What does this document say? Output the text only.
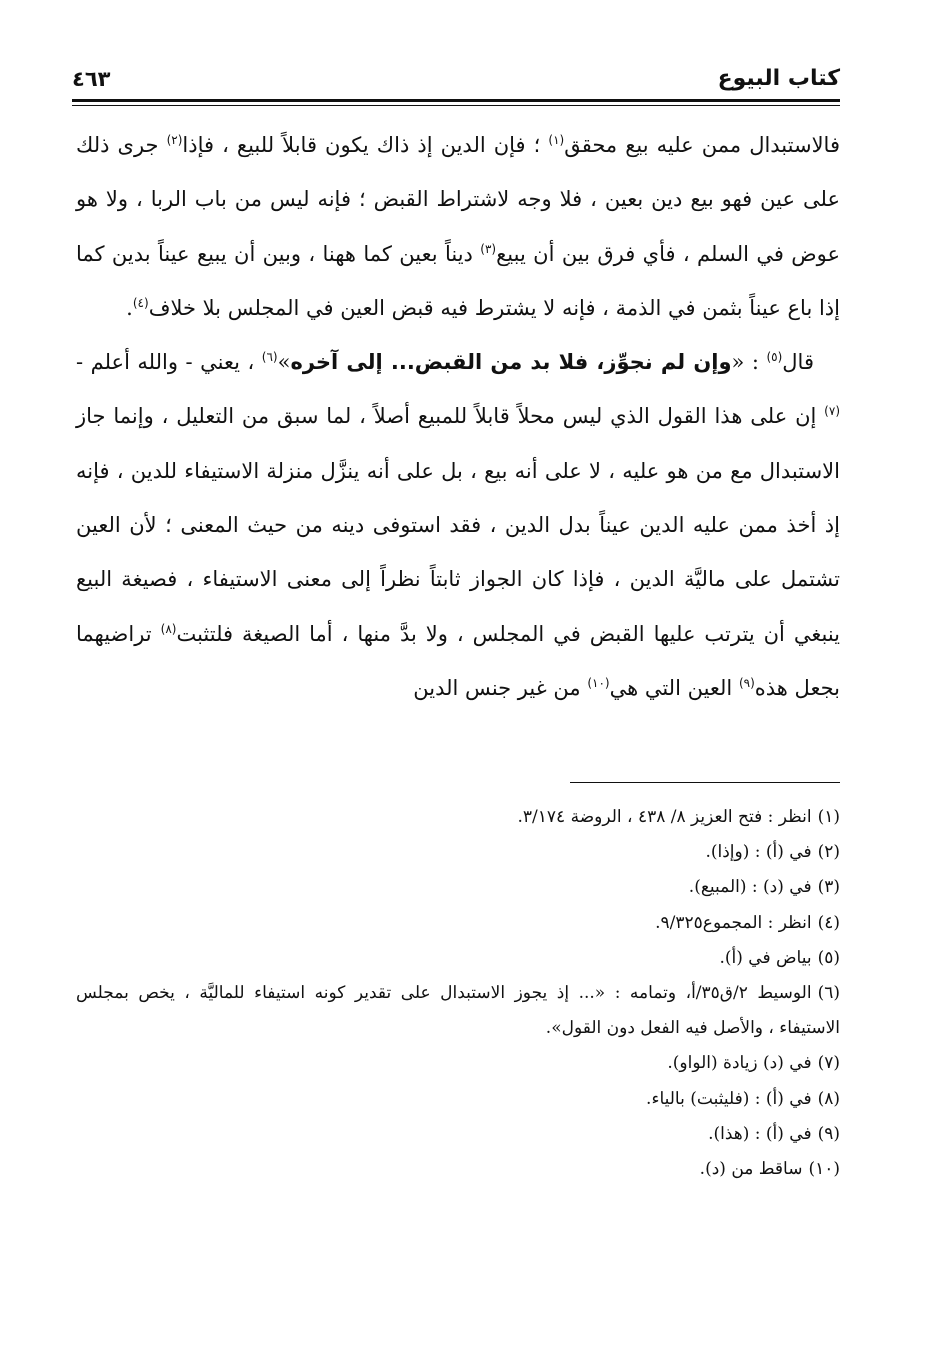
كتاب البيوع
٤٦٣

فالاستبدال ممن عليه بيع محقق$^{(١)}$ ؛ فإن الدين إذ ذاك يكون قابلاً للبيع ، فإذا$^{(٢)}$ جرى ذلك على عين فهو بيع دين بعين ، فلا وجه لاشتراط القبض ؛ فإنه ليس من باب الربا ، ولا هو عوض في السلم ، فأي فرق بين أن يبيع$^{(٣)}$ ديناً بعين كما ههنا ، وبين أن يبيع عيناً بدين كما إذا باع عيناً بثمن في الذمة ، فإنه لا يشترط فيه قبض العين في المجلس بلا خلاف$^{(٤)}$.

قال$^{(٥)}$ : «وإن لم نجوِّز، فلا بد من القبض... إلى آخره»$^{(٦)}$ ، يعني - والله أعلم -$^{(٧)}$ إن على هذا القول الذي ليس محلاً قابلاً للمبيع أصلاً ، لما سبق من التعليل ، وإنما جاز الاستبدال مع من هو عليه ، لا على أنه بيع ، بل على أنه ينزَّل منزلة الاستيفاء للدين ، فإنه إذ أخذ ممن عليه الدين عيناً بدل الدين ، فقد استوفى دينه من حيث المعنى ؛ لأن العين تشتمل على ماليَّة الدين ، فإذا كان الجواز ثابتاً نظراً إلى معنى الاستيفاء ، فصيغة البيع ينبغي أن يترتب عليها القبض في المجلس ، ولا بدَّ منها ، أما الصيغة فلتثبت$^{(٨)}$ تراضيهما بجعل هذه$^{(٩)}$ العين التي هي$^{(١٠)}$ من غير جنس الدين

(١)انظر : فتح العزيز ٨/ ٤٣٨ ، الروضة ٣/١٧٤.
(٢)في (أ) : (وإذا).
(٣)في (د) : (المبيع).
(٤)انظر : المجموع٩/٣٢٥.
(٥)بياض في (أ).
(٦)الوسيط ٢/ق٣٥/أ، وتمامه : «... إذ يجوز الاستبدال على تقدير كونه استيفاء للماليَّة ، يخص بمجلس الاستيفاء ، والأصل فيه الفعل دون القول».
(٧)في (د) زيادة (الواو).
(٨)في (أ) : (فليثبت) بالياء.
(٩)في (أ) : (هذا).
(١٠)ساقط من (د).
